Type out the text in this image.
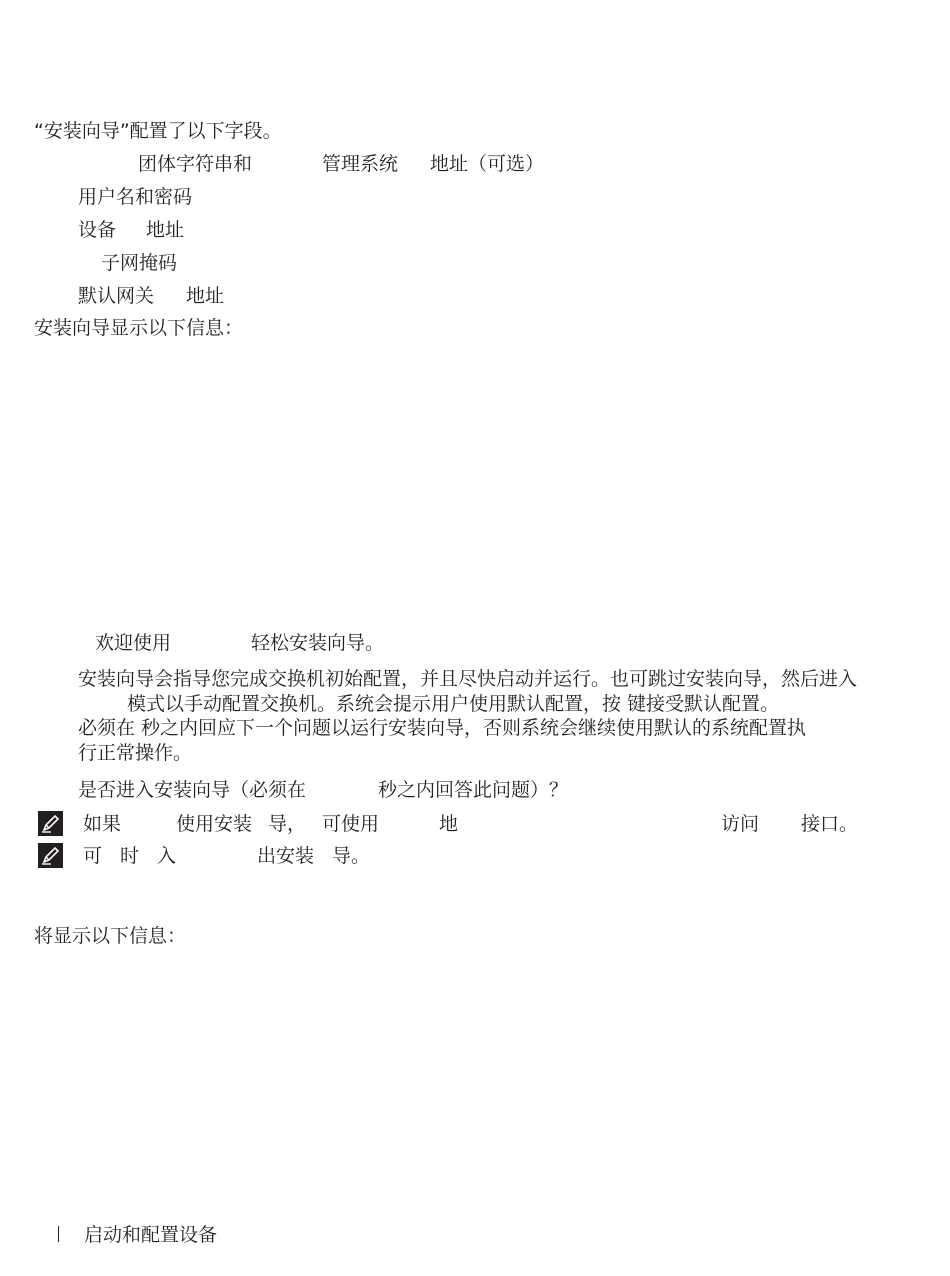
“安装向导”配置了以下字段。
团体字符串和	管理系统 地址（可选）
用户名和密码
设备 地址
子网掩码
默认网关 地址
安装向导显示以下信息：
欢迎使用	轻松安装向导。
安装向导会指导您完成交换机初始配置，并且尽快启动并运行。也可跳过安装向导，然后进入
模式以手动配置交换机。系统会提示用户使用默认配置，按 键接受默认配置。
必须在 秒之内回应下一个问题以运行安装向导，否则系统会继续使用默认的系统配置执
行正常操作。
是否进入安装向导（必须在	秒之内回答此问题）？
如果	使用安装 导， 可使用	地	访问 接口。
可 时 入	出安装 导。
将显示以下信息：
启动和配置设备
